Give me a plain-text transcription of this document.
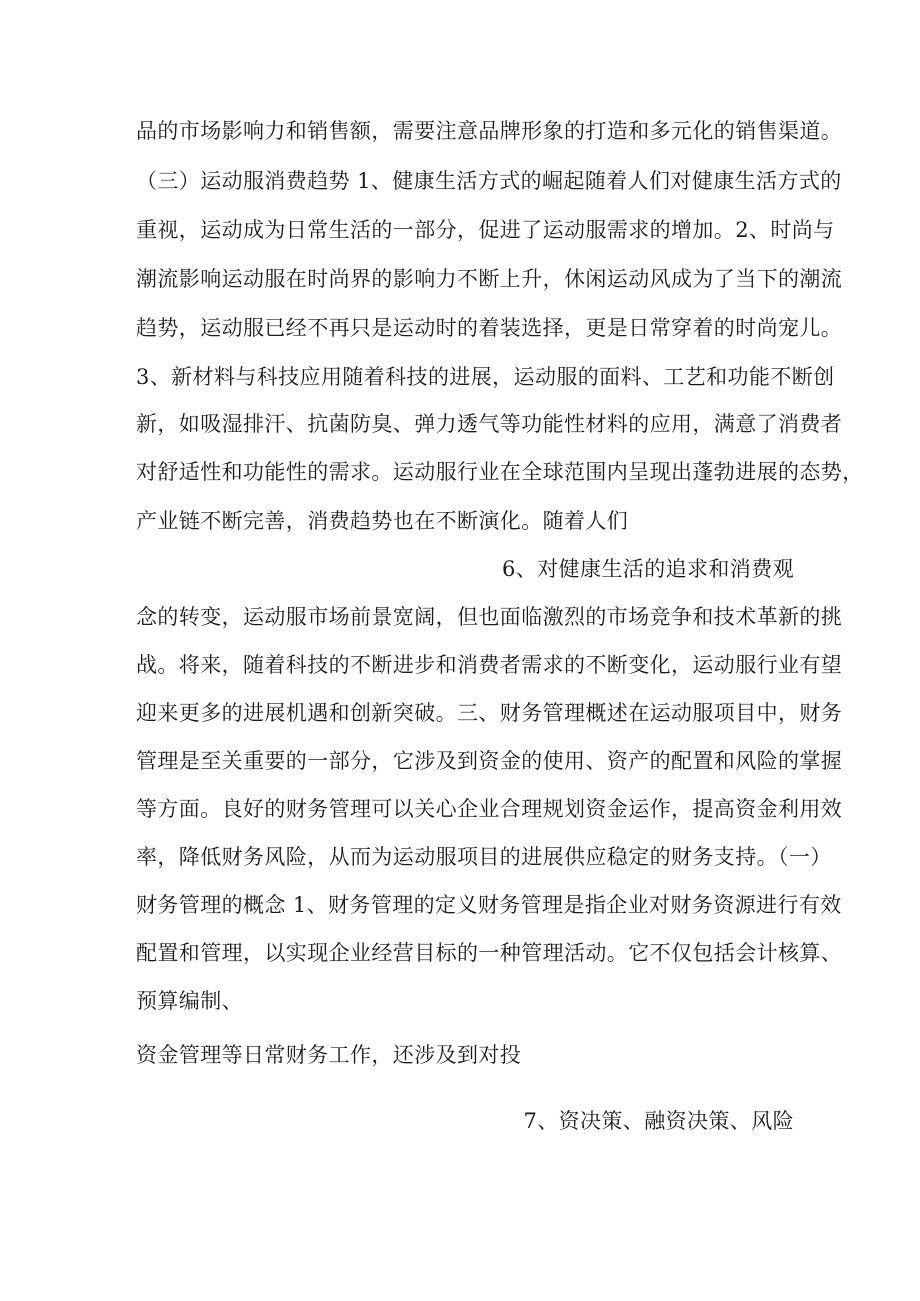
品的市场影响力和销售额，需要注意品牌形象的打造和多元化的销售渠道。
（三）运动服消费趋势 1、健康生活方式的崛起随着人们对健康生活方式的
重视，运动成为日常生活的一部分，促进了运动服需求的增加。2、时尚与
潮流影响运动服在时尚界的影响力不断上升，休闲运动风成为了当下的潮流
趋势，运动服已经不再只是运动时的着装选择，更是日常穿着的时尚宠儿。
3、新材料与科技应用随着科技的进展，运动服的面料、工艺和功能不断创
新，如吸湿排汗、抗菌防臭、弹力透气等功能性材料的应用，满意了消费者
对舒适性和功能性的需求。运动服行业在全球范围内呈现出蓬勃进展的态势，
产业链不断完善，消费趋势也在不断演化。随着人们
6、对健康生活的追求和消费观
念的转变，运动服市场前景宽阔，但也面临激烈的市场竞争和技术革新的挑
战。将来，随着科技的不断进步和消费者需求的不断变化，运动服行业有望
迎来更多的进展机遇和创新突破。三、财务管理概述在运动服项目中，财务
管理是至关重要的一部分，它涉及到资金的使用、资产的配置和风险的掌握
等方面。良好的财务管理可以关心企业合理规划资金运作，提高资金利用效
率，降低财务风险，从而为运动服项目的进展供应稳定的财务支持。（一）
财务管理的概念 1、财务管理的定义财务管理是指企业对财务资源进行有效
配置和管理，以实现企业经营目标的一种管理活动。它不仅包括会计核算、
预算编制、
资金管理等日常财务工作，还涉及到对投
7、资决策、融资决策、风险
